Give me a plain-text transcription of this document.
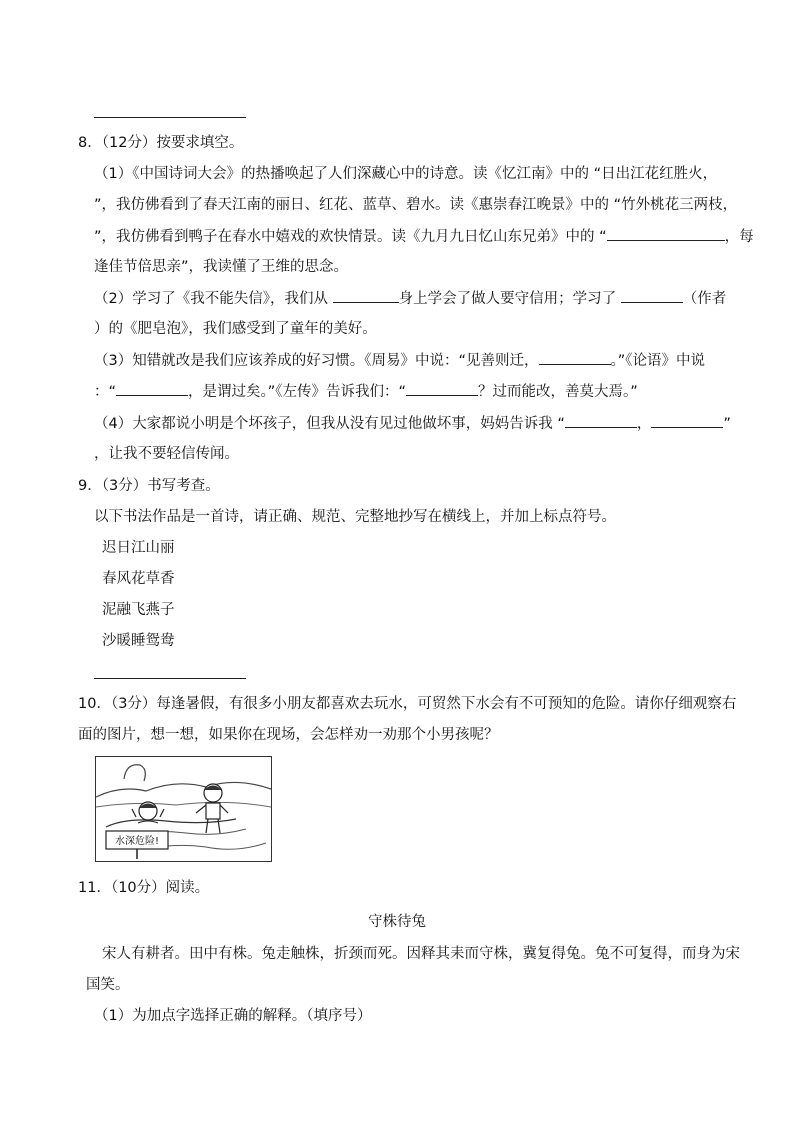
8．（12分）按要求填空。
（1）《中国诗词大会》的热播唤起了人们深藏心中的诗意。读《忆江南》中的 “日出江花红胜火，
”，我仿佛看到了春天江南的丽日、红花、蓝草、碧水。读《惠崇春江晚景》中的 “竹外桃花三两枝，
”，我仿佛看到鸭子在春水中嬉戏的欢快情景。读《九月九日忆山东兄弟》中的 “	，每
逢佳节倍思亲”，我读懂了王维的思念。
（2）学习了《我不能失信》，我们从	身上学会了做人要守信用；学习了	（作者
）的《肥皂泡》，我们感受到了童年的美好。
（3）知错就改是我们应该养成的好习惯。《周易》中说：“见善则迁，	。”《论语》中说
：“	，是谓过矣。”《左传》告诉我们：“	？过而能改，善莫大焉。”
（4）大家都说小明是个坏孩子，但我从没有见过他做坏事，妈妈告诉我 “	，	”
，让我不要轻信传闻。
9．（3分）书写考查。
以下书法作品是一首诗，请正确、规范、完整地抄写在横线上，并加上标点符号。
迟日江山丽
春风花草香
泥融飞燕子
沙暖睡鸳鸯
10．（3分）每逢暑假，有很多小朋友都喜欢去玩水，可贸然下水会有不可预知的危险。请你仔细观察右
面的图片，想一想，如果你在现场，会怎样劝一劝那个小男孩呢？
水深危险!
11．（10分）阅读。
守株待兔
宋人有耕者。田中有株。兔走触株，折颈而死。因释其耒而守株，冀复得兔。兔不可复得，而身为宋
国笑。
（1）为加点字选择正确的解释。（填序号）
